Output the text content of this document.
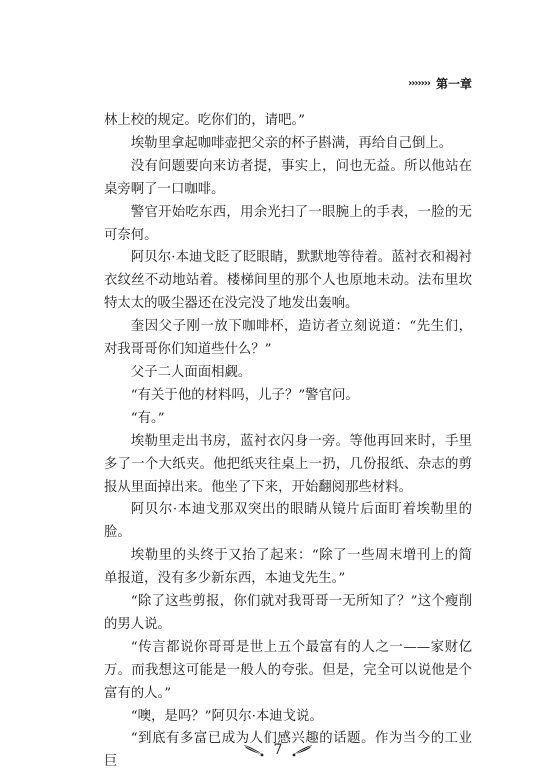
››››››› 第一章

林上校的规定。吃你们的，请吧。”

埃勒里拿起咖啡壶把父亲的杯子斟满，再给自己倒上。

没有问题要向来访者提，事实上，问也无益。所以他站在桌旁啊了一口咖啡。

警官开始吃东西，用余光扫了一眼腕上的手表，一脸的无可奈何。

阿贝尔·本迪戈眨了眨眼睛，默默地等待着。蓝衬衣和褐衬衣纹丝不动地站着。楼梯间里的那个人也原地未动。法布里坎特太太的吸尘器还在没完没了地发出轰响。

奎因父子刚一放下咖啡杯，造访者立刻说道：“先生们，对我哥哥你们知道些什么？”

父子二人面面相觑。

“有关于他的材料吗，儿子？”警官问。

“有。”

埃勒里走出书房，蓝衬衣闪身一旁。等他再回来时，手里多了一个大纸夹。他把纸夹往桌上一扔，几份报纸、杂志的剪报从里面掉出来。他坐了下来，开始翻阅那些材料。

阿贝尔·本迪戈那双突出的眼睛从镜片后面盯着埃勒里的脸。

埃勒里的头终于又抬了起来：“除了一些周末增刊上的简单报道，没有多少新东西，本迪戈先生。”

“除了这些剪报，你们就对我哥哥一无所知了？”这个瘦削的男人说。

“传言都说你哥哥是世上五个最富有的人之一——家财亿万。而我想这可能是一般人的夸张。但是，完全可以说他是个富有的人。”

“噢，是吗？”阿贝尔·本迪戈说。

“到底有多富已成为人们感兴趣的话题。作为当今的工业巨

7
